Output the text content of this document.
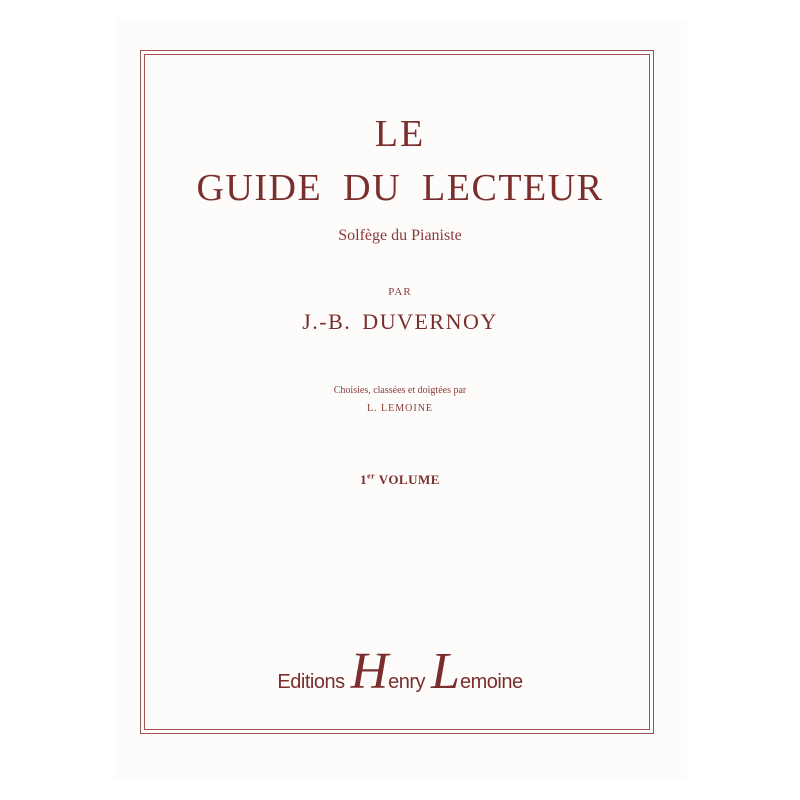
LE
GUIDE DU LECTEUR
Solfège du Pianiste
PAR
J.-B. DUVERNOY
Choisies, classées et doigtées par
L. LEMOINE
1er VOLUME
Editions Henry Lemoine
